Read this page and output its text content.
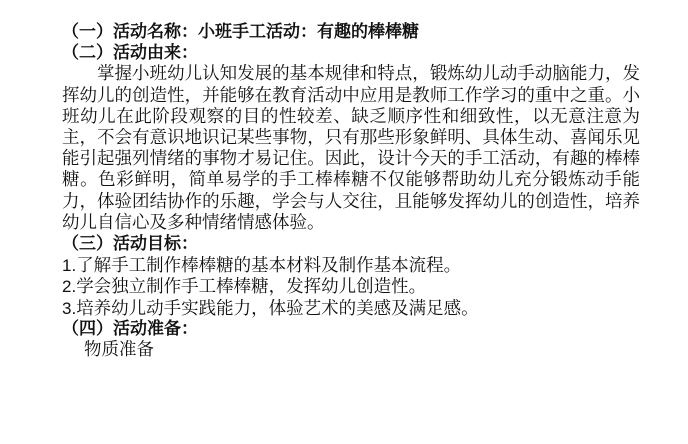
（一）活动名称：小班手工活动：有趣的棒棒糖
（二）活动由来：

掌握小班幼儿认知发展的基本规律和特点，锻炼幼儿动手动脑能力，发挥幼儿的创造性，并能够在教育活动中应用是教师工作学习的重中之重。小班幼儿在此阶段观察的目的性较差、缺乏顺序性和细致性，以无意注意为主，不会有意识地识记某些事物，只有那些形象鲜明、具体生动、喜闻乐见能引起强列情绪的事物才易记住。因此，设计今天的手工活动，有趣的棒棒糖。色彩鲜明，简单易学的手工棒棒糖不仅能够帮助幼儿充分锻炼动手能力，体验团结协作的乐趣，学会与人交往，且能够发挥幼儿的创造性，培养幼儿自信心及多种情绪情感体验。

（三）活动目标：
1.了解手工制作棒棒糖的基本材料及制作基本流程。
2.学会独立制作手工棒棒糖，发挥幼儿创造性。
3.培养幼儿动手实践能力，体验艺术的美感及满足感。
（四）活动准备：
物质准备
